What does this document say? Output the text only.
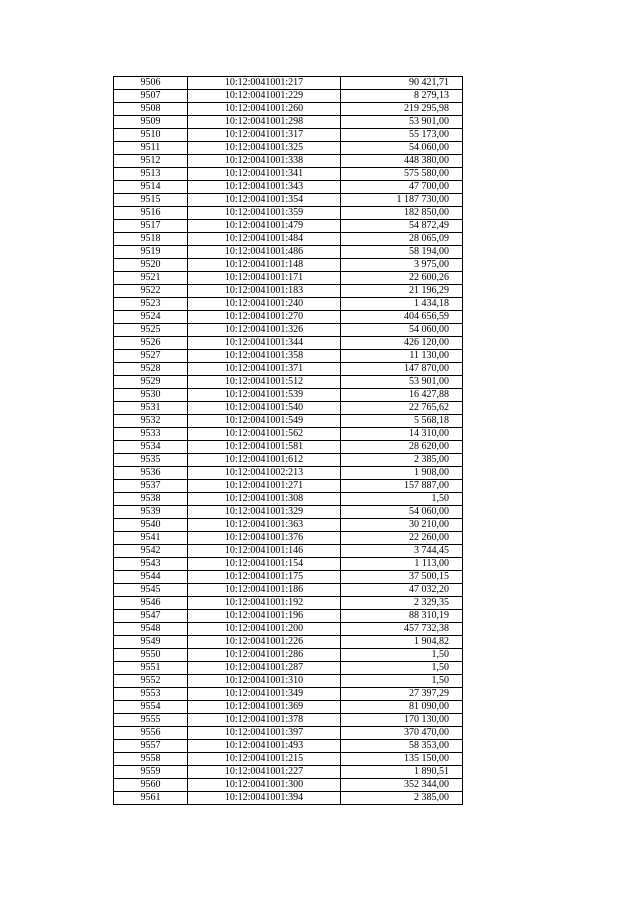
9506	10:12:0041001:217	90 421,71
9507	10:12:0041001:229	8 279,13
9508	10:12:0041001:260	219 295,98
9509	10:12:0041001:298	53 901,00
9510	10:12:0041001:317	55 173,00
9511	10:12:0041001:325	54 060,00
9512	10:12:0041001:338	448 380,00
9513	10:12:0041001:341	575 580,00
9514	10:12:0041001:343	47 700,00
9515	10:12:0041001:354	1 187 730,00
9516	10:12:0041001:359	182 850,00
9517	10:12:0041001:479	54 872,49
9518	10:12:0041001:484	28 065,09
9519	10:12:0041001:486	58 194,00
9520	10:12:0041001:148	3 975,00
9521	10:12:0041001:171	22 600,26
9522	10:12:0041001:183	21 196,29
9523	10:12:0041001:240	1 434,18
9524	10:12:0041001:270	404 656,59
9525	10:12:0041001:326	54 060,00
9526	10:12:0041001:344	426 120,00
9527	10:12:0041001:358	11 130,00
9528	10:12:0041001:371	147 870,00
9529	10:12:0041001:512	53 901,00
9530	10:12:0041001:539	16 427,88
9531	10:12:0041001:540	22 765,62
9532	10:12:0041001:549	5 568,18
9533	10:12:0041001:562	14 310,00
9534	10:12:0041001:581	28 620,00
9535	10:12:0041001:612	2 385,00
9536	10:12:0041002:213	1 908,00
9537	10:12:0041001:271	157 887,00
9538	10:12:0041001:308	1,50
9539	10:12:0041001:329	54 060,00
9540	10:12:0041001:363	30 210,00
9541	10:12:0041001:376	22 260,00
9542	10:12:0041001:146	3 744,45
9543	10:12:0041001:154	1 113,00
9544	10:12:0041001:175	37 500,15
9545	10:12:0041001:186	47 032,20
9546	10:12:0041001:192	2 329,35
9547	10:12:0041001:196	88 310,19
9548	10:12:0041001:200	457 732,38
9549	10:12:0041001:226	1 904,82
9550	10:12:0041001:286	1,50
9551	10:12:0041001:287	1,50
9552	10:12:0041001:310	1,50
9553	10:12:0041001:349	27 397,29
9554	10:12:0041001:369	81 090,00
9555	10:12:0041001:378	170 130,00
9556	10:12:0041001:397	370 470,00
9557	10:12:0041001:493	58 353,00
9558	10:12:0041001:215	135 150,00
9559	10:12:0041001:227	1 890,51
9560	10:12:0041001:300	352 344,00
9561	10:12:0041001:394	2 385,00
